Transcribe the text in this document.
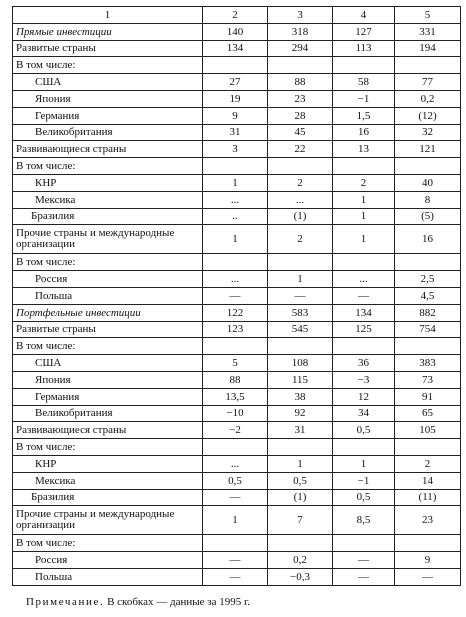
1	2	3	4	5
Прямые инвестиции	140	318	127	331
Развитые страны	134	294	113	194
В том числе:				
США	27	88	58	77
Япония	19	23	−1	0,2
Германия	9	28	1,5	(12)
Великобритания	31	45	16	32
Развивающиеся страны	3	22	13	121
В том числе:				
КНР	1	2	2	40
Мексика	...	...	1	8
Бразилия	..	(1)	1	(5)
Прочие страны и международные организации	1	2	1	16
В том числе:				
Россия	...	1	...	2,5
Польша	—	—	—	4,5
Портфельные инвестиции	122	583	134	882
Развитые страны	123	545	125	754
В том числе:				
США	5	108	36	383
Япония	88	115	−3	73
Германия	13,5	38	12	91
Великобритания	−10	92	34	65
Развивающиеся страны	−2	31	0,5	105
В том числе:				
КНР	...	1	1	2
Мексика	0,5	0,5	−1	14
Бразилия	—	(1)	0,5	(11)
Прочие страны и международные организации	1	7	8,5	23
В том числе:				
Россия	—	0,2	—	9
Польша	—	−0,3	—	—
Примечание. В скобках — данные за 1995 г.
